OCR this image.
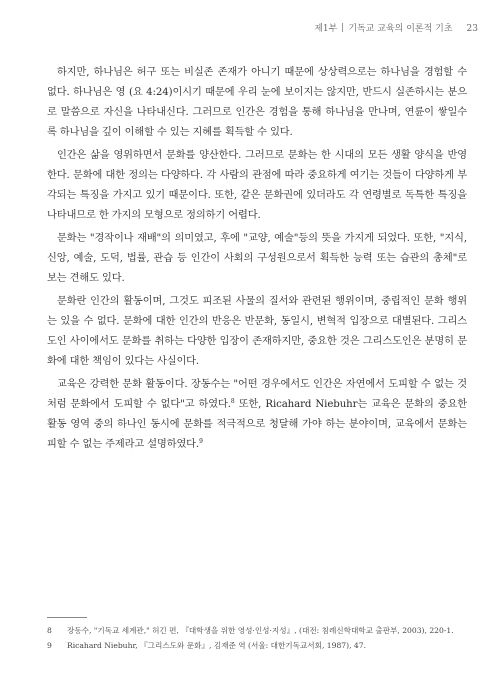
제1부 기독교 교육의 이론적 기초 23

하지만, 하나님은 허구 또는 비실존 존재가 아니기 때문에 상상력으로는 하나님을 경험할 수 없다. 하나님은 영 (요 4:24)이시기 때문에 우리 눈에 보이지는 않지만, 반드시 실존하시는 분으로 말씀으로 자신을 나타내신다. 그러므로 인간은 경험을 통해 하나님을 만나며, 연륜이 쌓일수록 하나님을 깊이 이해할 수 있는 지혜를 획득할 수 있다.

인간은 삶을 영위하면서 문화를 양산한다. 그러므로 문화는 한 시대의 모든 생활 양식을 반영한다. 문화에 대한 정의는 다양하다. 각 사람의 관점에 따라 중요하게 여기는 것들이 다양하게 부각되는 특징을 가지고 있기 때문이다. 또한, 같은 문화권에 있더라도 각 연령별로 독특한 특징을 나타내므로 한 가지의 모형으로 정의하기 어렵다.

문화는 "경작이나 재배"의 의미였고, 후에 "교양, 예술"등의 뜻을 가지게 되었다. 또한, "지식, 신앙, 예술, 도덕, 법률, 관습 등 인간이 사회의 구성원으로서 획득한 능력 또는 습관의 총체"로 보는 견해도 있다.

문화란 인간의 활동이며, 그것도 피조된 사물의 질서와 관련된 행위이며, 중립적인 문화 행위는 있을 수 없다. 문화에 대한 인간의 반응은 반문화, 동일시, 변혁적 입장으로 대별된다. 그리스도인 사이에서도 문화를 취하는 다양한 입장이 존재하지만, 중요한 것은 그리스도인은 분명히 문화에 대한 책임이 있다는 사실이다.

교육은 강력한 문화 활동이다. 장동수는 "어떤 경우에서도 인간은 자연에서 도피할 수 없는 것처럼 문화에서 도피할 수 없다"고 하였다.$^8$ 또한, Ricahard Niebuhr는 교육은 문화의 중요한 활동 영역 중의 하나인 동시에 문화를 적극적으로 청달해 가야 하는 분야이며, 교육에서 문화는 피할 수 없는 주제라고 설명하였다.$^9$

8	장동수, "기독교 세계관," 허긴 편, 『대학생을 위한 영성·인성·지성』, (대전: 침례신학대학교 출판부, 2003), 220-1.
9	Ricahard Niebuhr, 『그리스도와 문화』, 김재준 역 (서울: 대한기독교서회, 1987), 47.
